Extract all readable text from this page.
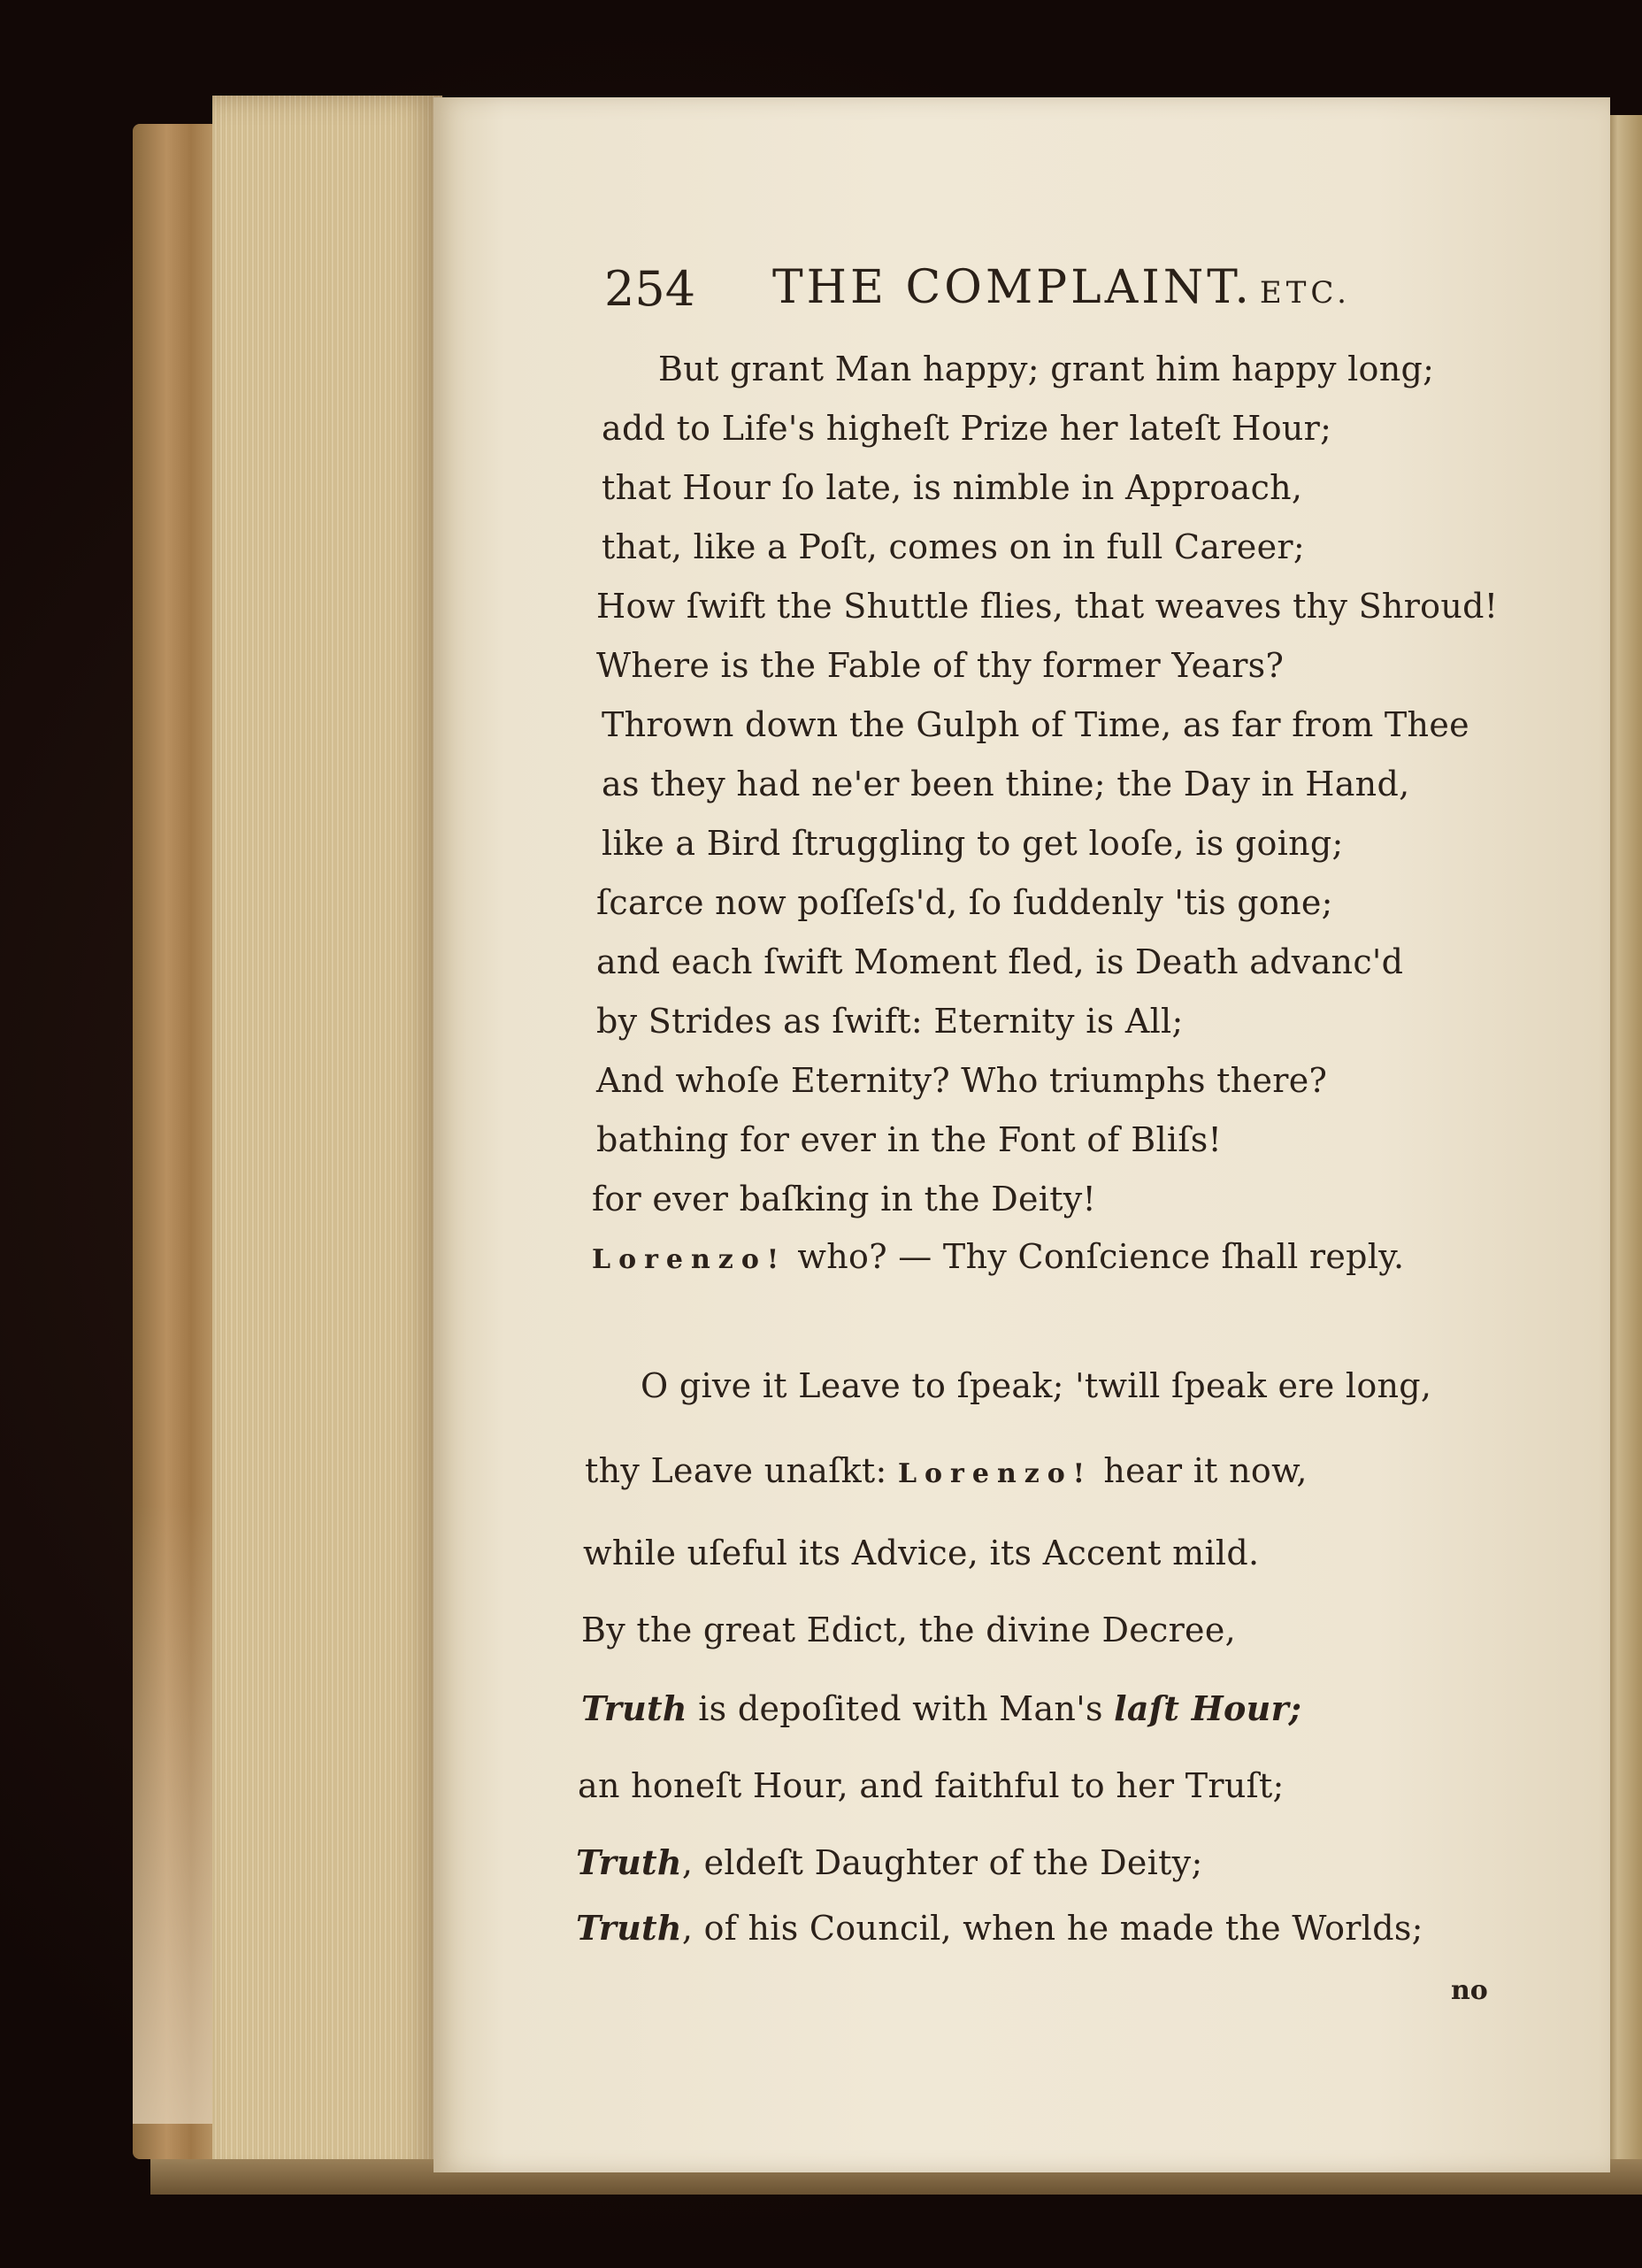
254 THE COMPLAINT. ETC.
But grant Man happy; grant him happy long;
add to Life's higheſt Prize her lateſt Hour;
that Hour ſo late, is nimble in Approach,
that, like a Poſt, comes on in full Career;
How ſwift the Shuttle flies, that weaves thy Shroud!
Where is the Fable of thy former Years?
Thrown down the Gulph of Time, as far from Thee
as they had ne'er been thine; the Day in Hand,
like a Bird ſtruggling to get looſe, is going;
ſcarce now poſſeſs'd, ſo ſuddenly 'tis gone;
and each ſwift Moment fled, is Death advanc'd
by Strides as ſwift: Eternity is All;
And whoſe Eternity? Who triumphs there?
bathing for ever in the Font of Bliſs!
for ever baſking in the Deity!
Lorenzo! who? — Thy Conſcience ſhall reply.
O give it Leave to ſpeak; 'twill ſpeak ere long,
thy Leave unaſkt: Lorenzo! hear it now,
while uſeful its Advice, its Accent mild.
By the great Edict, the divine Decree,
Truth is depoſited with Man's laſt Hour;
an honeſt Hour, and faithful to her Truſt;
Truth, eldeſt Daughter of the Deity;
Truth, of his Council, when he made the Worlds;
no
